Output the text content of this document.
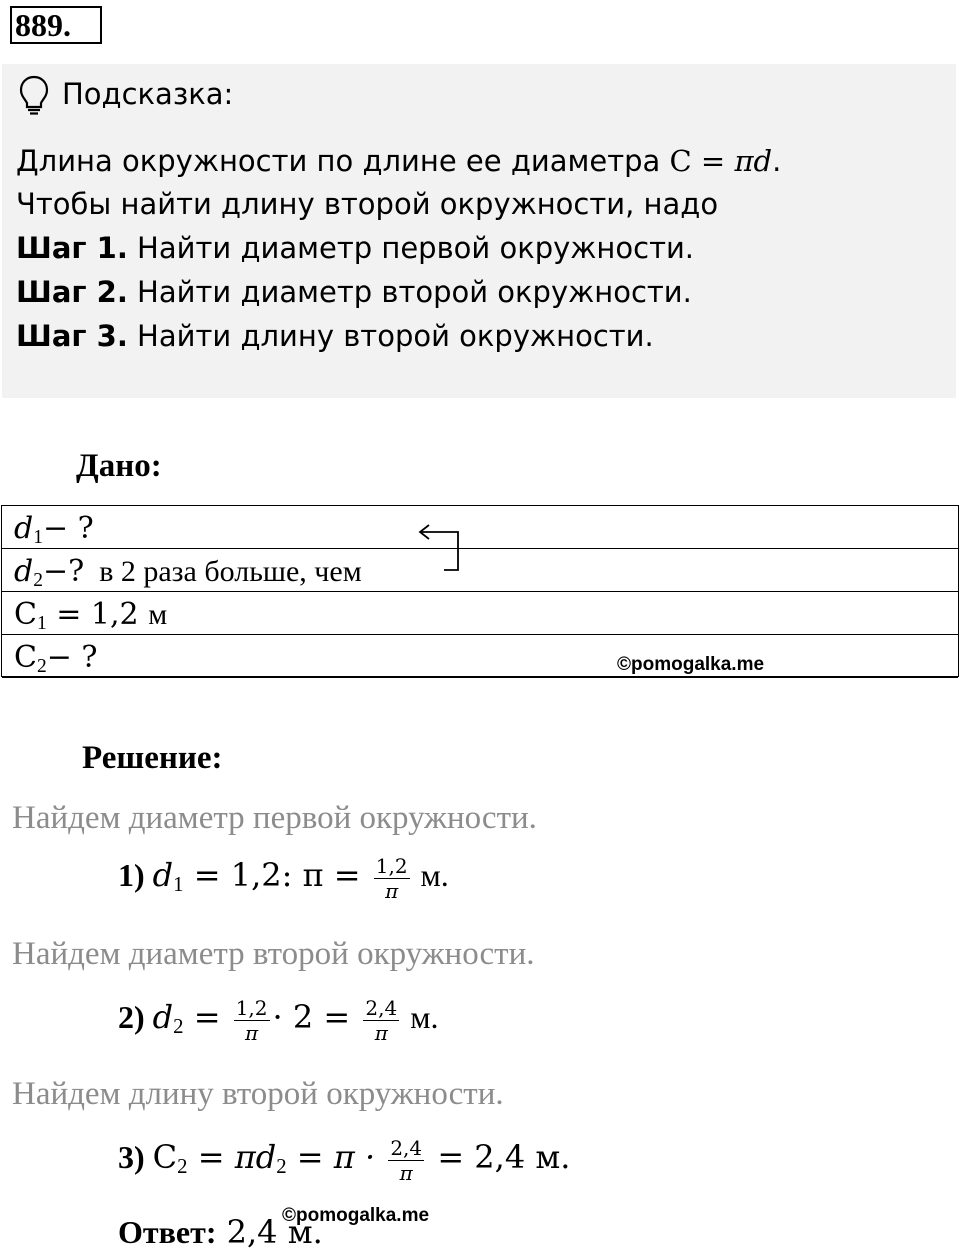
889.
Подсказка:
Длина окружности по длине ее диаметра C = πd.
Чтобы найти длину второй окружности, надо
Шаг 1. Найти диаметр первой окружности.
Шаг 2. Найти диаметр второй окружности.
Шаг 3. Найти длину второй окружности.
Дано:
$d_1-$ ?
$d_2-$? в 2 раза больше, чем
$C_1 = 1,2$ м
$C_2-$ ?	©pomogalka.me
Решение:
Найдем диаметр первой окружности.
1) $d_1 = 1,2$: $\pi = \frac{1,2}{\pi} м$.
Найдем диаметр второй окружности.
2) $d_2 = \frac{1,2}{\pi} \cdot 2 = \frac{2,4}{\pi} м$.
Найдем длину второй окружности.
3) $C_2 = \pi d_2 = \pi \cdot \frac{2,4}{\pi} = 2,4$ м.
Ответ: 2,4 м.
©pomogalka.me
